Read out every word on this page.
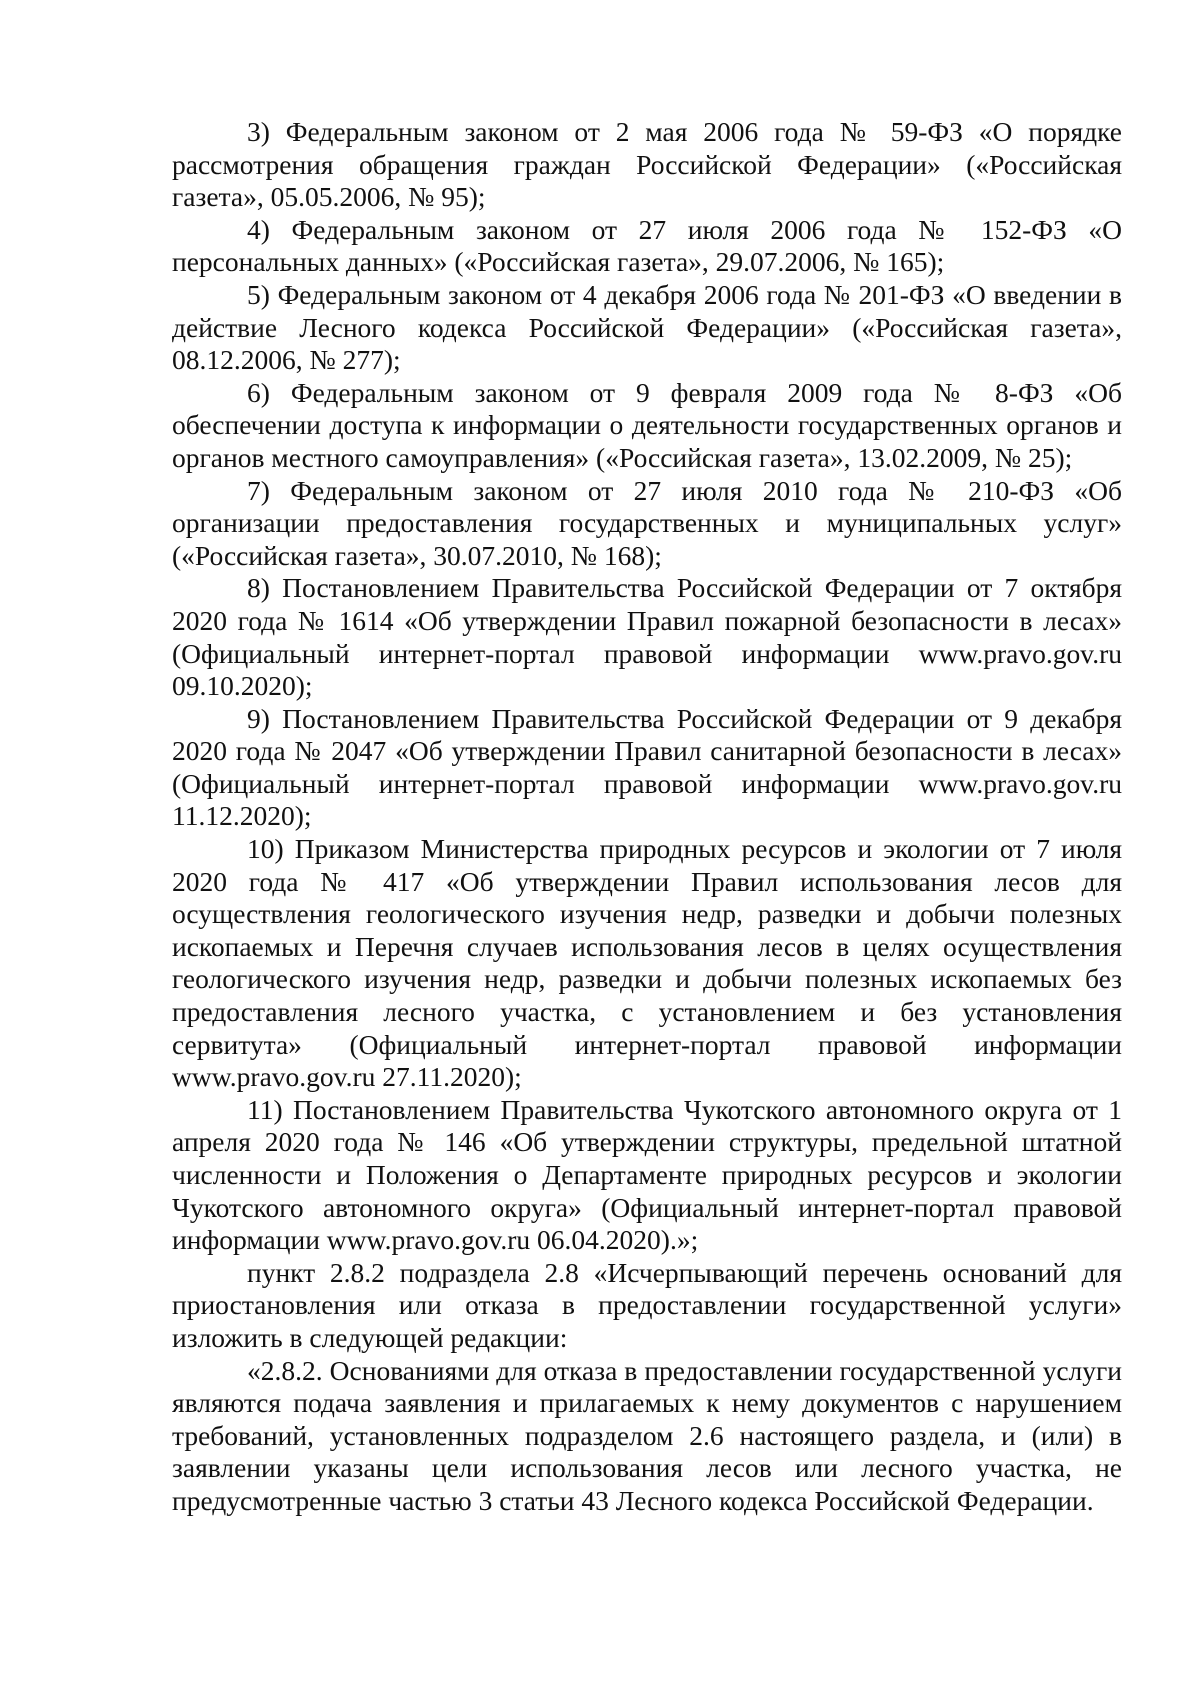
3) Федеральным законом от 2 мая 2006 года № 59-ФЗ «О порядке рассмотрения обращения граждан Российской Федерации» («Российская газета», 05.05.2006, № 95);

4) Федеральным законом от 27 июля 2006 года № 152-ФЗ «О персональных данных» («Российская газета», 29.07.2006, № 165);

5) Федеральным законом от 4 декабря 2006 года № 201-ФЗ «О введении в действие Лесного кодекса Российской Федерации» («Российская газета», 08.12.2006, № 277);

6) Федеральным законом от 9 февраля 2009 года № 8-ФЗ «Об обеспечении доступа к информации о деятельности государственных органов и органов местного самоуправления» («Российская газета», 13.02.2009, № 25);

7) Федеральным законом от 27 июля 2010 года № 210-ФЗ «Об организации предоставления государственных и муниципальных услуг» («Российская газета», 30.07.2010, № 168);

8) Постановлением Правительства Российской Федерации от 7 октября 2020 года № 1614 «Об утверждении Правил пожарной безопасности в лесах» (Официальный интернет-портал правовой информации www.pravo.gov.ru 09.10.2020);

9) Постановлением Правительства Российской Федерации от 9 декабря 2020 года № 2047 «Об утверждении Правил санитарной безопасности в лесах» (Официальный интернет-портал правовой информации www.pravo.gov.ru 11.12.2020);

10) Приказом Министерства природных ресурсов и экологии от 7 июля 2020 года № 417 «Об утверждении Правил использования лесов для осуществления геологического изучения недр, разведки и добычи полезных ископаемых и Перечня случаев использования лесов в целях осуществления геологического изучения недр, разведки и добычи полезных ископаемых без предоставления лесного участка, с установлением и без установления сервитута» (Официальный интернет-портал правовой информации www.pravo.gov.ru 27.11.2020);

11) Постановлением Правительства Чукотского автономного округа от 1 апреля 2020 года № 146 «Об утверждении структуры, предельной штатной численности и Положения о Департаменте природных ресурсов и экологии Чукотского автономного округа» (Официальный интернет-портал правовой информации www.pravo.gov.ru 06.04.2020).»;

пункт 2.8.2 подраздела 2.8 «Исчерпывающий перечень оснований для приостановления или отказа в предоставлении государственной услуги» изложить в следующей редакции:

«2.8.2. Основаниями для отказа в предоставлении государственной услуги являются подача заявления и прилагаемых к нему документов с нарушением требований, установленных подразделом 2.6 настоящего раздела, и (или) в заявлении указаны цели использования лесов или лесного участка, не предусмотренные частью 3 статьи 43 Лесного кодекса Российской Федерации.
